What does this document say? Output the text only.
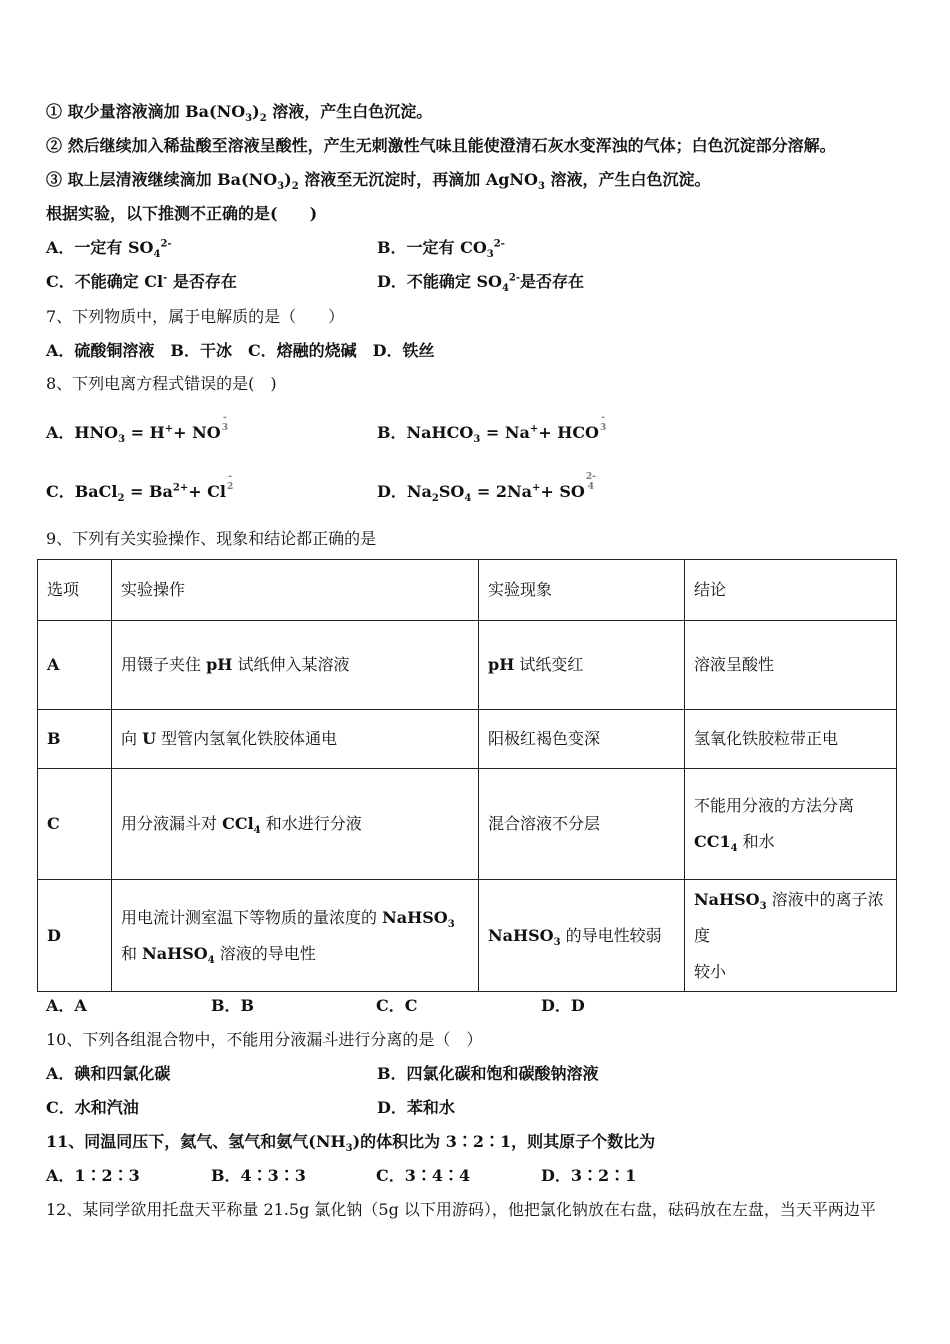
① 取少量溶液滴加 $Ba(NO_3)_2$ 溶液，产生白色沉淀。
② 然后继续加入稀盐酸至溶液呈酸性，产生无刺激性气味且能使澄清石灰水变浑浊的气体；白色沉淀部分溶解。
③ 取上层清液继续滴加 $Ba(NO_3)_2$ 溶液至无沉淀时，再滴加 AgNO$_3$ 溶液，产生白色沉淀。
根据实验，以下推测不正确的是(　　)
A．一定有 $SO_4^{2-}$	B．一定有 $CO_3^{2-}$
C．不能确定 Cl- 是否存在	D．不能确定 $SO_4^{2-}$是否存在
7、下列物质中，属于电解质的是（　　）
A．硫酸铜溶液　B．干冰　C．熔融的烧碱　D．铁丝
8、下列电离方程式错误的是(　)
A．$HNO_3 = H^++$ NO
-
3	B．NaHCO$_3$ = Na++ HCO
-
3
C．BaCl$_2$ = $Ba^{2+}+ Cl$
-
2	D．$Na_2SO_4 = 2Na^++$ SO
2-
4
9、下列有关实验操作、现象和结论都正确的是
选项	实验操作	实验现象	结论
A	用镊子夹住 pH 试纸伸入某溶液	pH 试纸变红	溶液呈酸性
B	向 U 型管内氢氧化铁胶体通电	阳极红褐色变深	氢氧化铁胶粒带正电
C	用分液漏斗对 CCl$_4$ 和水进行分液	混合溶液不分层	不能用分液的方法分离
$CC1_4$ 和水
D	用电流计测室温下等物质的量浓度的 NaHSO$_3$
和 NaHSO$_4$ 溶液的导电性	NaHSO$_3$ 的导电性较弱	NaHSO$_3$ 溶液中的离子浓度
较小
A．A	B．B	C．C	D．D
10、下列各组混合物中，不能用分液漏斗进行分离的是（　）
A．碘和四氯化碳	B．四氯化碳和饱和碳酸钠溶液
C．水和汽油	D．苯和水
11、同温同压下，氦气、氢气和氨气$(NH_3)$的体积比为 3∶2∶1，则其原子个数比为
A．1∶2∶3	B．4∶3∶3	C．3∶4∶4	D．3∶2∶1
12、某同学欲用托盘天平称量 21.5g 氯化钠（5g 以下用游码），他把氯化钠放在右盘，砝码放在左盘，当天平两边平
